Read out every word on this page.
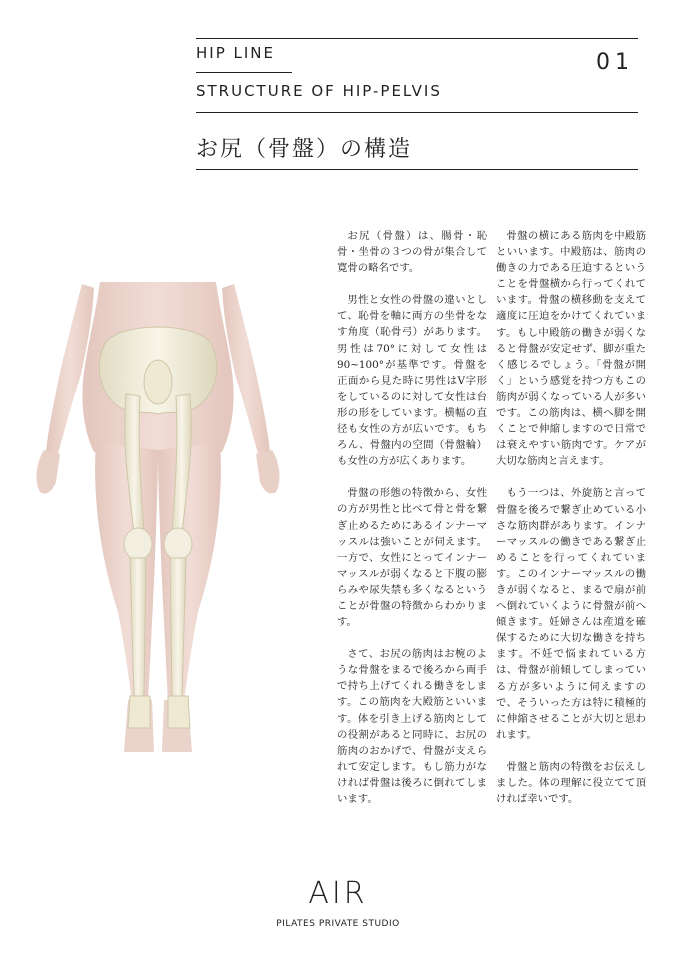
HIP LINE
STRUCTURE OF HIP-PELVIS
01
お尻（骨盤）の構造

お尻（骨盤）は、腸骨・恥骨・坐骨の３つの骨が集合して寛骨の略名です。

男性と女性の骨盤の違いとして、恥骨を軸に両方の坐骨をなす角度（恥骨弓）があります。男性は70°に対して女性は90~100°が基準です。骨盤を正面から見た時に男性はV字形をしているのに対して女性は台形の形をしています。横幅の直径も女性の方が広いです。もちろん、骨盤内の空間（骨盤輪）も女性の方が広くあります。

骨盤の形態の特徴から、女性の方が男性と比べて骨と骨を繋ぎ止めるためにあるインナーマッスルは強いことが伺えます。一方で、女性にとってインナーマッスルが弱くなると下腹の膨らみや尿失禁も多くなるということが骨盤の特徴からわかります。

さて、お尻の筋肉はお椀のような骨盤をまるで後ろから両手で持ち上げてくれる働きをします。この筋肉を大殿筋といいます。体を引き上げる筋肉としての役割があると同時に、お尻の筋肉のおかげで、骨盤が支えられて安定します。もし筋力がなければ骨盤は後ろに倒れてしまいます。

骨盤の横にある筋肉を中殿筋といいます。中殿筋は、筋肉の働きの力である圧迫するということを骨盤横から行ってくれています。骨盤の横移動を支えて適度に圧迫をかけてくれています。もし中殿筋の働きが弱くなると骨盤が安定せず、脚が重たく感じるでしょう。「骨盤が開く」という感覚を持つ方もこの筋肉が弱くなっている人が多いです。この筋肉は、横へ脚を開くことで伸縮しますので日常では衰えやすい筋肉です。ケアが大切な筋肉と言えます。

もう一つは、外旋筋と言って骨盤を後ろで繋ぎ止めている小さな筋肉群があります。インナーマッスルの働きである繋ぎ止めることを行ってくれています。このインナーマッスルの働きが弱くなると、まるで扇が前へ倒れていくように骨盤が前へ傾きます。妊婦さんは産道を確保するために大切な働きを持ちます。不妊で悩まれている方は、骨盤が前傾してしまっている方が多いように伺えますので、そういった方は特に積極的に伸縮させることが大切と思われます。

骨盤と筋肉の特徴をお伝えしました。体の理解に役立てて頂ければ幸いです。

AIR
PILATES PRIVATE STUDIO
